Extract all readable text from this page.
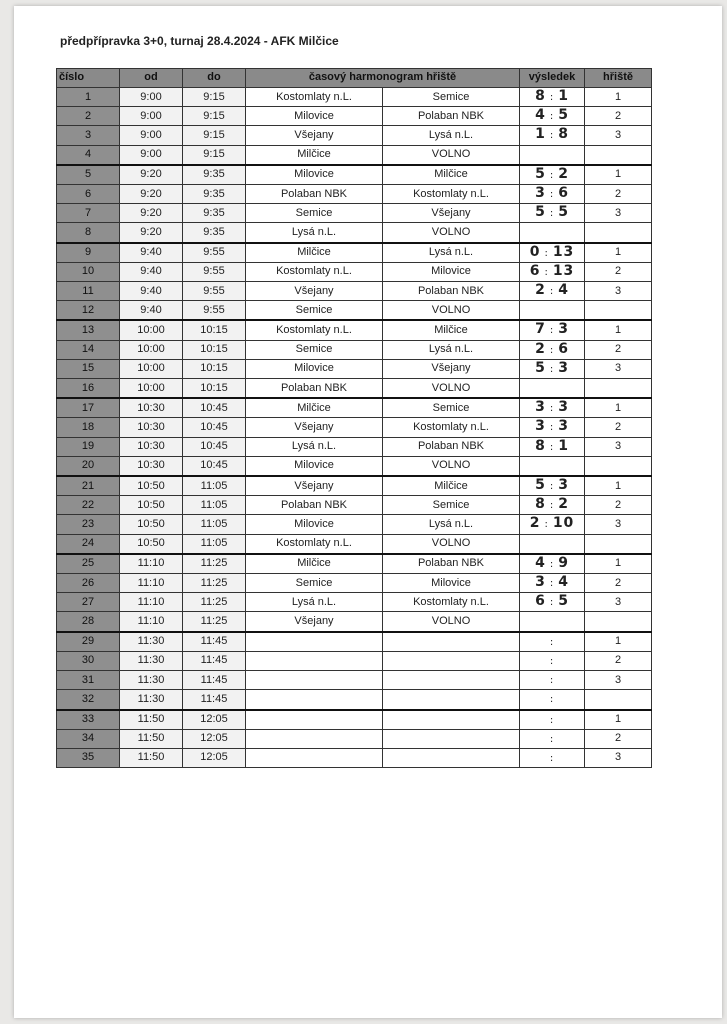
předpřípravka 3+0, turnaj 28.4.2024 - AFK Milčice
číslo	od	do	časový harmonogram hřiště		výsledek	hřiště
1	9:00	9:15	Kostomlaty n.L.	Semice	8 : 1	1
2	9:00	9:15	Milovice	Polaban NBK	4 : 5	2
3	9:00	9:15	Všejany	Lysá n.L.	1 : 8	3
4	9:00	9:15	Milčice	VOLNO		
5	9:20	9:35	Milovice	Milčice	5 : 2	1
6	9:20	9:35	Polaban NBK	Kostomlaty n.L.	3 : 6	2
7	9:20	9:35	Semice	Všejany	5 : 5	3
8	9:20	9:35	Lysá n.L.	VOLNO		
9	9:40	9:55	Milčice	Lysá n.L.	0 : 13	1
10	9:40	9:55	Kostomlaty n.L.	Milovice	6 : 13	2
11	9:40	9:55	Všejany	Polaban NBK	2 : 4	3
12	9:40	9:55	Semice	VOLNO		
13	10:00	10:15	Kostomlaty n.L.	Milčice	7 : 3	1
14	10:00	10:15	Semice	Lysá n.L.	2 : 6	2
15	10:00	10:15	Milovice	Všejany	5 : 3	3
16	10:00	10:15	Polaban NBK	VOLNO		
17	10:30	10:45	Milčice	Semice	3 : 3	1
18	10:30	10:45	Všejany	Kostomlaty n.L.	3 : 3	2
19	10:30	10:45	Lysá n.L.	Polaban NBK	8 : 1	3
20	10:30	10:45	Milovice	VOLNO		
21	10:50	11:05	Všejany	Milčice	5 : 3	1
22	10:50	11:05	Polaban NBK	Semice	8 : 2	2
23	10:50	11:05	Milovice	Lysá n.L.	2 : 10	3
24	10:50	11:05	Kostomlaty n.L.	VOLNO		
25	11:10	11:25	Milčice	Polaban NBK	4 : 9	1
26	11:10	11:25	Semice	Milovice	3 : 4	2
27	11:10	11:25	Lysá n.L.	Kostomlaty n.L.	6 : 5	3
28	11:10	11:25	Všejany	VOLNO		
29	11:30	11:45			:	1
30	11:30	11:45			:	2
31	11:30	11:45			:	3
32	11:30	11:45			:	
33	11:50	12:05			:	1
34	11:50	12:05			:	2
35	11:50	12:05			:	3
